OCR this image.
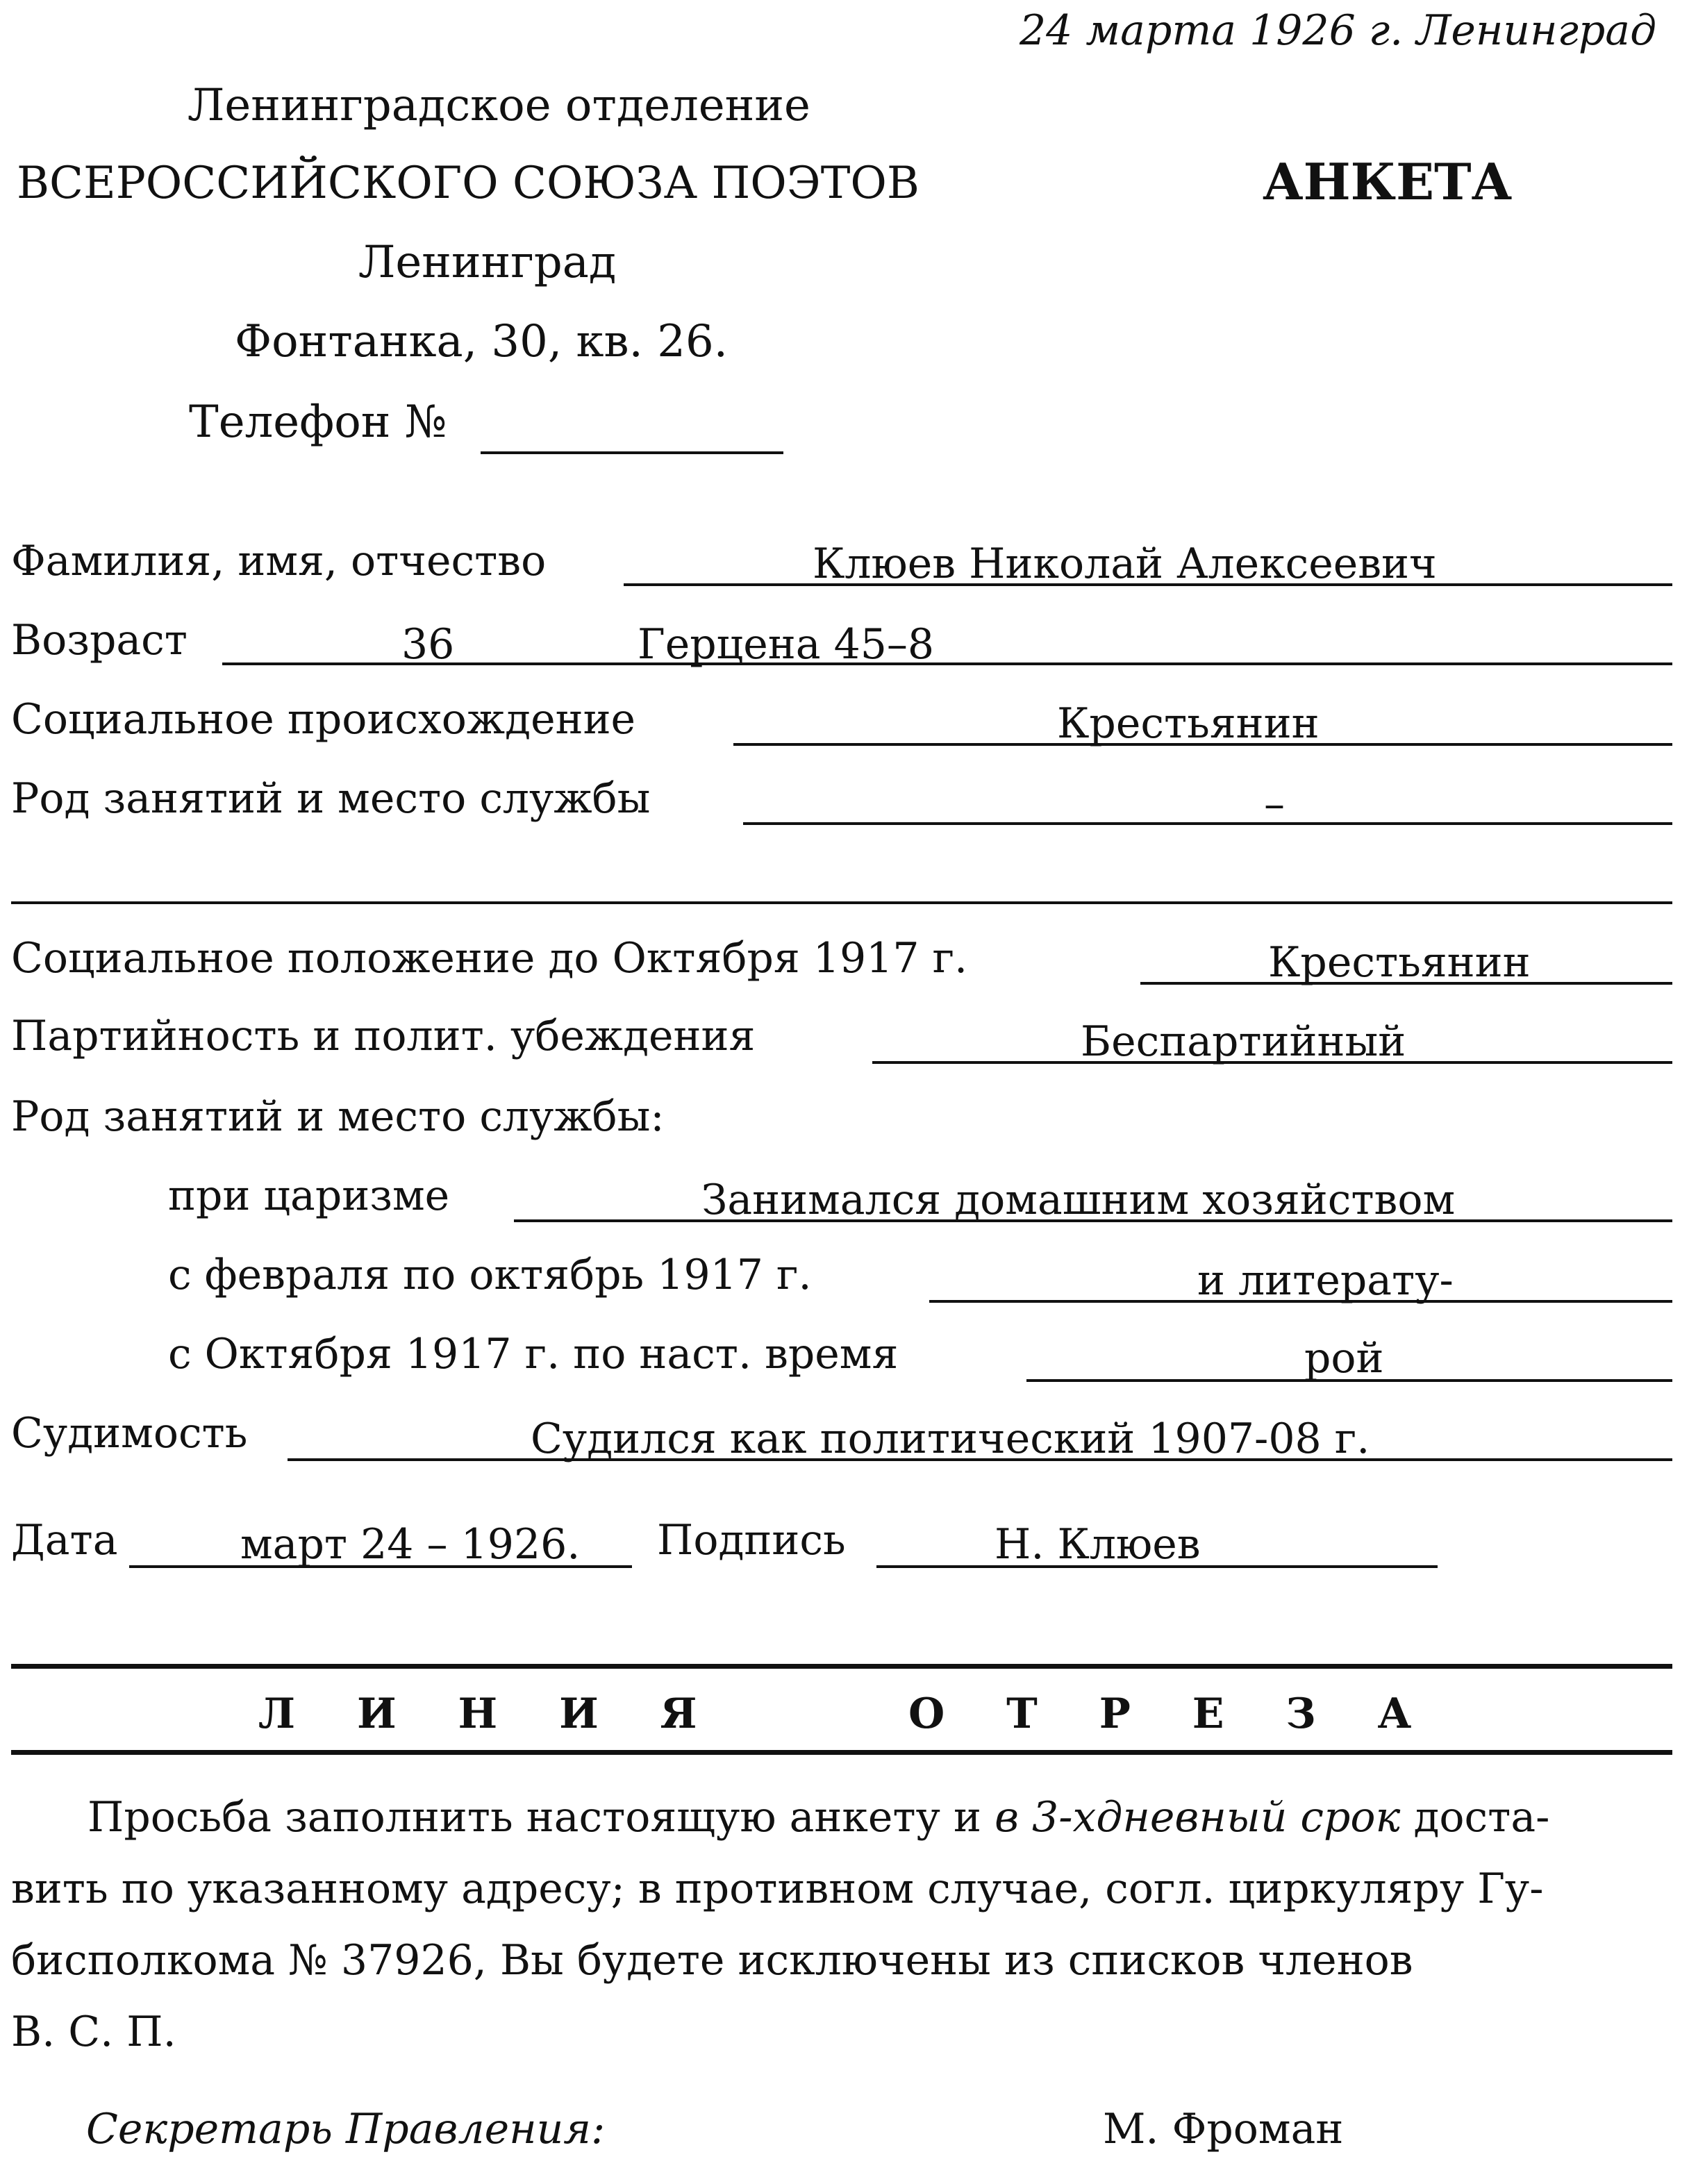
24 марта 1926 г. Ленинград
Ленинградское отделение
ВСЕРОССИЙСКОГО СОЮЗА ПОЭТОВ
Ленинград
Фонтанка, 30, кв. 26.
Телефон №
АНКЕТА
Фамилия, имя, отчество	Клюев Николай Алексеевич
Возраст	36	Герцена 45–8
Социальное происхождение	Крестьянин
Род занятий и место службы	–
Социальное положение до Октября 1917 г.	Крестьянин
Партийность и полит. убеждения	Беспартийный
Род занятий и место службы:
при царизме	Занимался домашним хозяйством
с февраля по октябрь 1917 г.	и литерату-
с Октября 1917 г. по наст. время	рой
Судимость	Судился как политический 1907-08 г.
Дата	март 24 – 1926. Подпись	Н. Клюев
Л И Н И Я	О Т Р Е З А
Просьба заполнить настоящую анкету и в 3-хдневный срок доста-
вить по указанному адресу; в противном случае, согл. циркуляру Гу-
бисполкома № 37926, Вы будете исключены из списков членов
В. С. П.
Секретарь Правления:	М. Фроман
